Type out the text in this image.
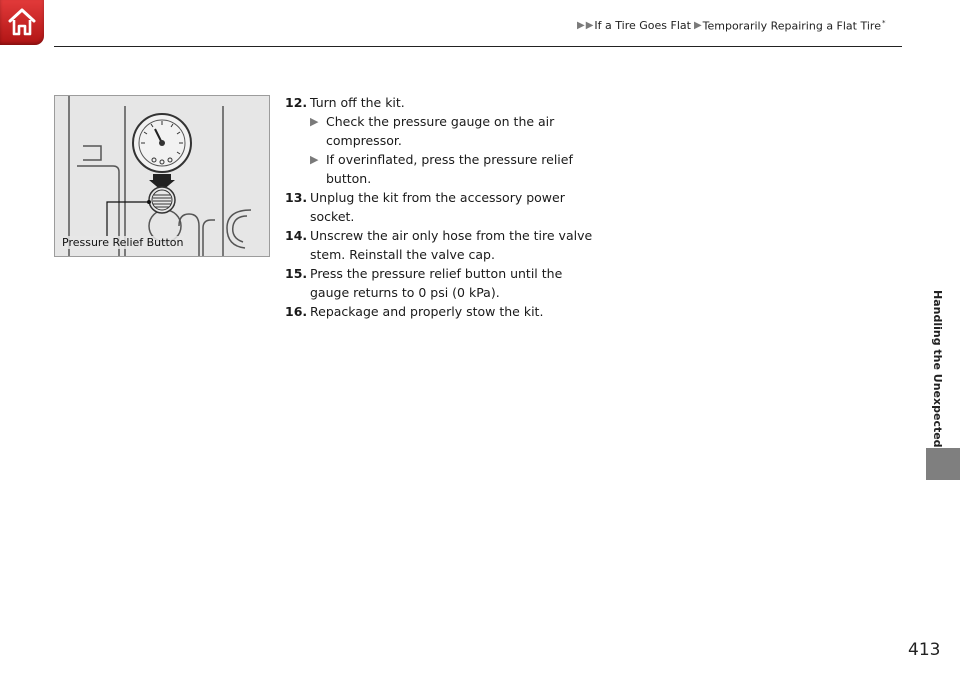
▶ ▶ If a Tire Goes Flat ▶ Temporarily Repairing a Flat Tire*
Pressure Relief Button
12. Turn off the kit.
▶ Check the pressure gauge on the air compressor.
▶ If overinflated, press the pressure relief button.
13. Unplug the kit from the accessory power socket.
14. Unscrew the air only hose from the tire valve stem. Reinstall the valve cap.
15. Press the pressure relief button until the gauge returns to 0 psi (0 kPa).
16. Repackage and properly stow the kit.	Handling the Unexpected
413
